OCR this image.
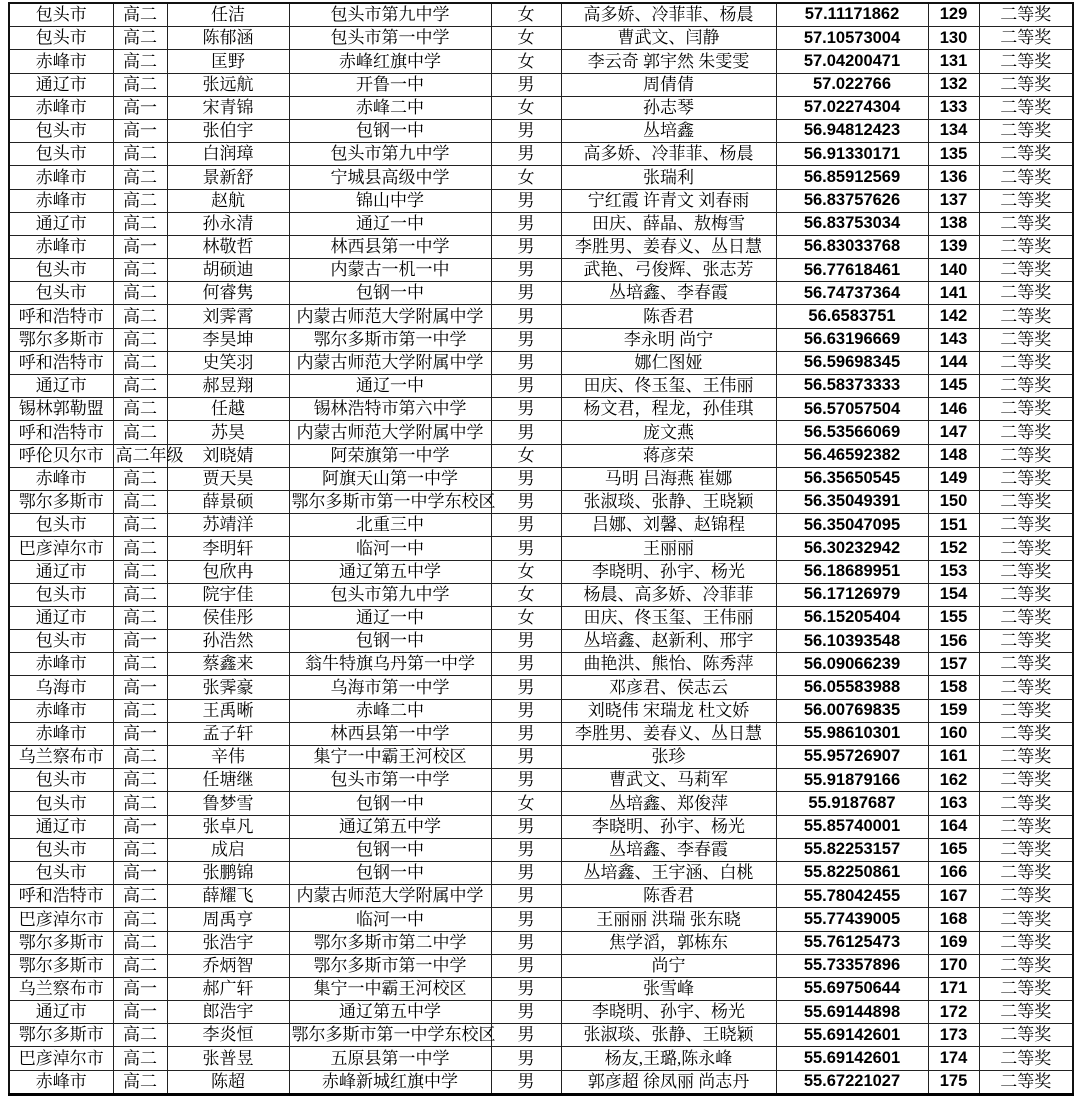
包头市	高二	任洁	包头市第九中学	女	高多娇、冷菲菲、杨晨	57.11171862	129	二等奖
包头市	高二	陈郁涵	包头市第一中学	女	曹武文、闫静	57.10573004	130	二等奖
赤峰市	高二	匡野	赤峰红旗中学	女	李云奇 郭宇然 朱雯雯	57.04200471	131	二等奖
通辽市	高二	张远航	开鲁一中	男	周倩倩	57.022766	132	二等奖
赤峰市	高一	宋青锦	赤峰二中	女	孙志琴	57.02274304	133	二等奖
包头市	高一	张伯宇	包钢一中	男	丛培鑫	56.94812423	134	二等奖
包头市	高二	白润璋	包头市第九中学	男	高多娇、冷菲菲、杨晨	56.91330171	135	二等奖
赤峰市	高二	景新舒	宁城县高级中学	女	张瑞利	56.85912569	136	二等奖
赤峰市	高二	赵航	锦山中学	男	宁红霞 许青文 刘春雨	56.83757626	137	二等奖
通辽市	高二	孙永清	通辽一中	男	田庆、薛晶、敖梅雪	56.83753034	138	二等奖
赤峰市	高一	林敬哲	林西县第一中学	男	李胜男、姜春义、丛日慧	56.83033768	139	二等奖
包头市	高二	胡硕迪	内蒙古一机一中	男	武艳、弓俊辉、张志芳	56.77618461	140	二等奖
包头市	高二	何睿隽	包钢一中	男	丛培鑫、李春霞	56.74737364	141	二等奖
呼和浩特市	高二	刘霁霄	内蒙古师范大学附属中学	男	陈香君	56.6583751	142	二等奖
鄂尔多斯市	高二	李昊坤	鄂尔多斯市第一中学	男	李永明 尚宁	56.63196669	143	二等奖
呼和浩特市	高二	史笑羽	内蒙古师范大学附属中学	男	娜仁图娅	56.59698345	144	二等奖
通辽市	高二	郝昱翔	通辽一中	男	田庆、佟玉玺、王伟丽	56.58373333	145	二等奖
锡林郭勒盟	高二	任越	锡林浩特市第六中学	男	杨文君，程龙，孙佳琪	56.57057504	146	二等奖
呼和浩特市	高二	苏昊	内蒙古师范大学附属中学	男	庞文燕	56.53566069	147	二等奖
呼伦贝尔市	高二年级	刘晓婧	阿荣旗第一中学	女	蒋彦荣	56.46592382	148	二等奖
赤峰市	高二	贾天昊	阿旗天山第一中学	男	马明 吕海燕 崔娜	56.35650545	149	二等奖
鄂尔多斯市	高二	薛景硕	鄂尔多斯市第一中学东校区	男	张淑琰、张静、王晓颖	56.35049391	150	二等奖
包头市	高二	苏靖洋	北重三中	男	吕娜、刘馨、赵锦程	56.35047095	151	二等奖
巴彦淖尔市	高二	李明轩	临河一中	男	王丽丽	56.30232942	152	二等奖
通辽市	高二	包欣冉	通辽第五中学	女	李晓明、孙宇、杨光	56.18689951	153	二等奖
包头市	高二	院宇佳	包头市第九中学	女	杨晨、高多娇、冷菲菲	56.17126979	154	二等奖
通辽市	高二	侯佳彤	通辽一中	女	田庆、佟玉玺、王伟丽	56.15205404	155	二等奖
包头市	高一	孙浩然	包钢一中	男	丛培鑫、赵新利、邢宇	56.10393548	156	二等奖
赤峰市	高二	蔡鑫来	翁牛特旗乌丹第一中学	男	曲艳洪、熊怡、陈秀萍	56.09066239	157	二等奖
乌海市	高一	张霁豪	乌海市第一中学	男	邓彦君、侯志云	56.05583988	158	二等奖
赤峰市	高二	王禹晰	赤峰二中	男	刘晓伟 宋瑞龙 杜文娇	56.00769835	159	二等奖
赤峰市	高一	孟子轩	林西县第一中学	男	李胜男、姜春义、丛日慧	55.98610301	160	二等奖
乌兰察布市	高二	辛伟	集宁一中霸王河校区	男	张珍	55.95726907	161	二等奖
包头市	高二	任塘继	包头市第一中学	男	曹武文、马莉军	55.91879166	162	二等奖
包头市	高二	鲁梦雪	包钢一中	女	丛培鑫、郑俊萍	55.9187687	163	二等奖
通辽市	高一	张卓凡	通辽第五中学	男	李晓明、孙宇、杨光	55.85740001	164	二等奖
包头市	高二	成启	包钢一中	男	丛培鑫、李春霞	55.82253157	165	二等奖
包头市	高一	张鹏锦	包钢一中	男	丛培鑫、王宇涵、白桃	55.82250861	166	二等奖
呼和浩特市	高二	薛耀飞	内蒙古师范大学附属中学	男	陈香君	55.78042455	167	二等奖
巴彦淖尔市	高二	周禹亨	临河一中	男	王丽丽 洪瑞 张东晓	55.77439005	168	二等奖
鄂尔多斯市	高二	张浩宇	鄂尔多斯市第二中学	男	焦学滔，郭栋东	55.76125473	169	二等奖
鄂尔多斯市	高二	乔炳智	鄂尔多斯市第一中学	男	尚宁	55.73357896	170	二等奖
乌兰察布市	高一	郝广轩	集宁一中霸王河校区	男	张雪峰	55.69750644	171	二等奖
通辽市	高一	郎浩宇	通辽第五中学	男	李晓明、孙宇、杨光	55.69144898	172	二等奖
鄂尔多斯市	高二	李炎恒	鄂尔多斯市第一中学东校区	男	张淑琰、张静、王晓颖	55.69142601	173	二等奖
巴彦淖尔市	高二	张普昱	五原县第一中学	男	杨友,王璐,陈永峰	55.69142601	174	二等奖
赤峰市	高二	陈超	赤峰新城红旗中学	男	郭彦超 徐凤丽 尚志丹	55.67221027	175	二等奖
